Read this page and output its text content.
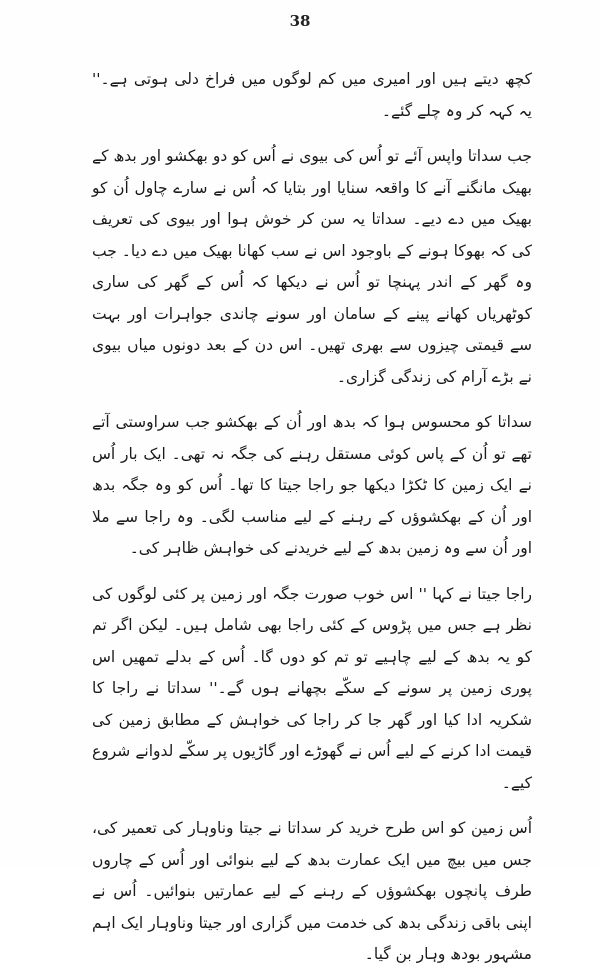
38

کچھ دیتے ہیں اور امیری میں کم لوگوں میں فراخ دلی ہوتی ہے۔'' یہ کہہ کر وہ چلے گئے۔

جب سداتا واپس آئے تو اُس کی بیوی نے اُس کو دو بھکشو اور بدھ کے بھیک مانگنے آنے کا واقعہ سنایا اور بتایا کہ اُس نے سارے چاول اُن کو بھیک میں دے دیے۔ سداتا یہ سن کر خوش ہوا اور بیوی کی تعریف کی کہ بھوکا ہونے کے باوجود اس نے سب کھانا بھیک میں دے دیا۔ جب وہ گھر کے اندر پہنچا تو اُس نے دیکھا کہ اُس کے گھر کی ساری کوٹھریاں کھانے پینے کے سامان اور سونے چاندی جواہرات اور بہت سے قیمتی چیزوں سے بھری تھیں۔ اس دن کے بعد دونوں میاں بیوی نے بڑے آرام کی زندگی گزاری۔

سداتا کو محسوس ہوا کہ بدھ اور اُن کے بھکشو جب سراوستی آتے تھے تو اُن کے پاس کوئی مستقل رہنے کی جگہ نہ تھی۔ ایک بار اُس نے ایک زمین کا ٹکڑا دیکھا جو راجا جیتا کا تھا۔ اُس کو وہ جگہ بدھ اور اُن کے بھکشوؤں کے رہنے کے لیے مناسب لگی۔ وہ راجا سے ملا اور اُن سے وہ زمین بدھ کے لیے خریدنے کی خواہش ظاہر کی۔

راجا جیتا نے کہا '' اس خوب صورت جگہ اور زمین پر کئی لوگوں کی نظر ہے جس میں پڑوس کے کئی راجا بھی شامل ہیں۔ لیکن اگر تم کو یہ بدھ کے لیے چاہیے تو تم کو دوں گا۔ اُس کے بدلے تمھیں اس پوری زمین پر سونے کے سکّے بچھانے ہوں گے۔'' سداتا نے راجا کا شکریہ ادا کیا اور گھر جا کر راجا کی خواہش کے مطابق زمین کی قیمت ادا کرنے کے لیے اُس نے گھوڑے اور گاڑیوں پر سکّے لدوانے شروع کیے۔

اُس زمین کو اس طرح خرید کر سداتا نے جیتا وناوہار کی تعمیر کی، جس میں بیچ میں ایک عمارت بدھ کے لیے بنوائی اور اُس کے چاروں طرف پانچوں بھکشوؤں کے رہنے کے لیے عمارتیں بنوائیں۔ اُس نے اپنی باقی زندگی بدھ کی خدمت میں گزاری اور جیتا وناوہار ایک اہم مشہور بودھ وہار بن گیا۔
